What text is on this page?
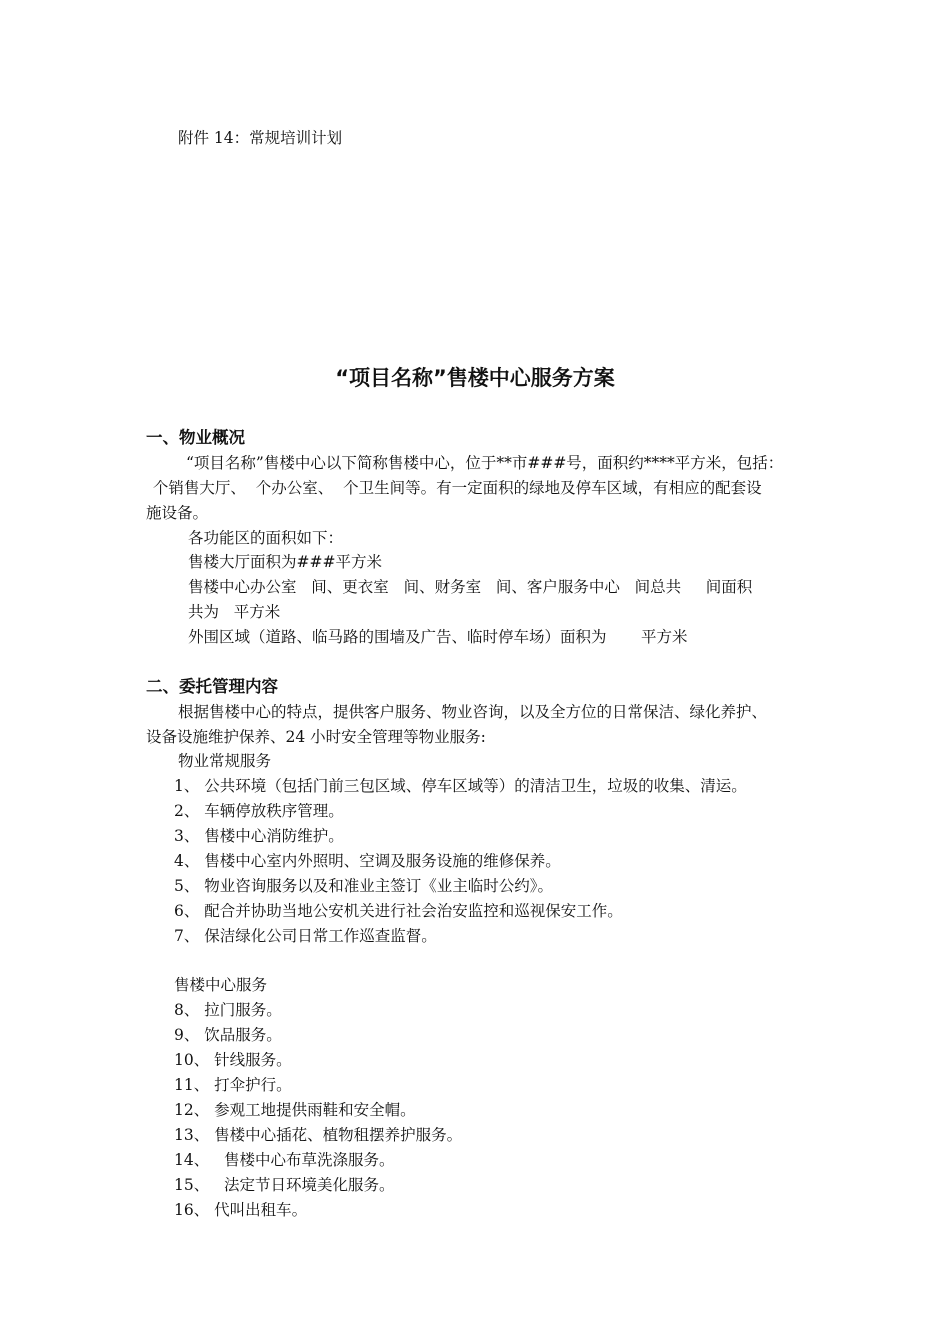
附件 14：常规培训计划
“项目名称”售楼中心服务方案
一、物业概况
“项目名称”售楼中心以下简称售楼中心，位于**市###号，面积约****平方米，包括：
个销售大厅、  个办公室、  个卫生间等。有一定面积的绿地及停车区域，有相应的配套设
施设备。
各功能区的面积如下：
售楼大厅面积为###平方米
售楼中心办公室   间、更衣室   间、财务室   间、客户服务中心   间总共     间面积
共为   平方米
外围区域（道路、临马路的围墙及广告、临时停车场）面积为       平方米
二、委托管理内容
根据售楼中心的特点，提供客户服务、物业咨询，以及全方位的日常保洁、绿化养护、
设备设施维护保养、24 小时安全管理等物业服务:
物业常规服务
1、 公共环境（包括门前三包区域、停车区域等）的清洁卫生，垃圾的收集、清运。
2、 车辆停放秩序管理。
3、 售楼中心消防维护。
4、 售楼中心室内外照明、空调及服务设施的维修保养。
5、 物业咨询服务以及和准业主签订《业主临时公约》。
6、 配合并协助当地公安机关进行社会治安监控和巡视保安工作。
7、 保洁绿化公司日常工作巡查监督。
售楼中心服务
8、 拉门服务。
9、 饮品服务。
10、 针线服务。
11、 打伞护行。
12、 参观工地提供雨鞋和安全帽。
13、 售楼中心插花、植物租摆养护服务。
14、   售楼中心布草洗涤服务。
15、   法定节日环境美化服务。
16、 代叫出租车。
